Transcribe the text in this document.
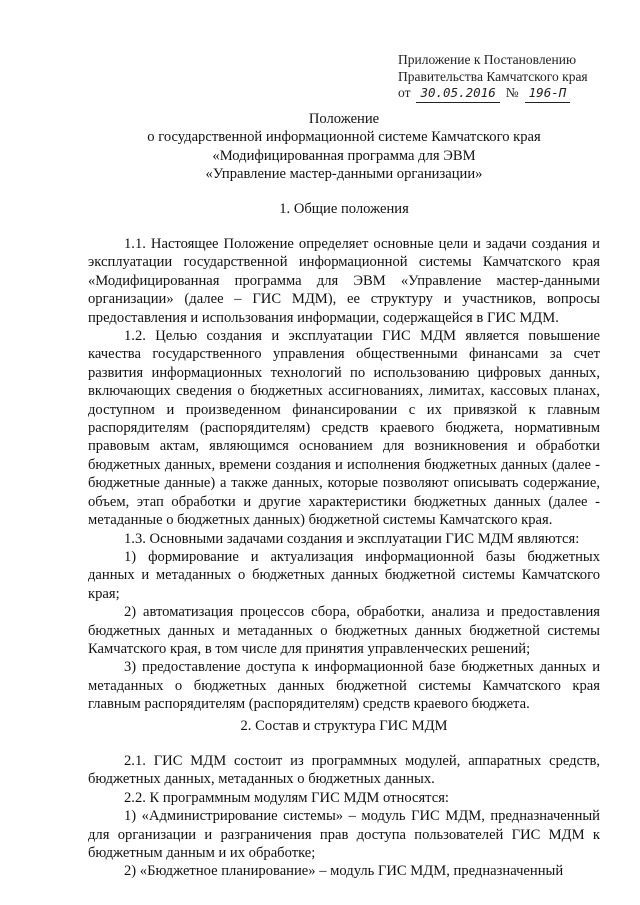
Приложение к Постановлению
Правительства Камчатского края
от 30.05.2016 № 196-П
Положение
о государственной информационной системе Камчатского края
«Модифицированная программа для ЭВМ
«Управление мастер-данными организации»
1. Общие положения

1.1. Настоящее Положение определяет основные цели и задачи создания и эксплуатации государственной информационной системы Камчатского края «Модифицированная программа для ЭВМ «Управление мастер-данными организации» (далее – ГИС МДМ), ее структуру и участников, вопросы предоставления и использования информации, содержащейся в ГИС МДМ.

1.2. Целью создания и эксплуатации ГИС МДМ является повышение качества государственного управления общественными финансами за счет развития информационных технологий по использованию цифровых данных, включающих сведения о бюджетных ассигнованиях, лимитах, кассовых планах, доступном и произведенном финансировании с их привязкой к главным распорядителям (распорядителям) средств краевого бюджета, нормативным правовым актам, являющимся основанием для возникновения и обработки бюджетных данных, времени создания и исполнения бюджетных данных (далее - бюджетные данные) а также данных, которые позволяют описывать содержание, объем, этап обработки и другие характеристики бюджетных данных (далее - метаданные о бюджетных данных) бюджетной системы Камчатского края.

1.3. Основными задачами создания и эксплуатации ГИС МДМ являются:

1) формирование и актуализация информационной базы бюджетных данных и метаданных о бюджетных данных бюджетной системы Камчатского края;

2) автоматизация процессов сбора, обработки, анализа и предоставления бюджетных данных и метаданных о бюджетных данных бюджетной системы Камчатского края, в том числе для принятия управленческих решений;

3) предоставление доступа к информационной базе бюджетных данных и метаданных о бюджетных данных бюджетной системы Камчатского края главным распорядителям (распорядителям) средств краевого бюджета.

2. Состав и структура ГИС МДМ

2.1. ГИС МДМ состоит из программных модулей, аппаратных средств, бюджетных данных, метаданных о бюджетных данных.

2.2. К программным модулям ГИС МДМ относятся:

1) «Администрирование системы» – модуль ГИС МДМ, предназначенный для организации и разграничения прав доступа пользователей ГИС МДМ к бюджетным данным и их обработке;

2) «Бюджетное планирование» – модуль ГИС МДМ, предназначенный
